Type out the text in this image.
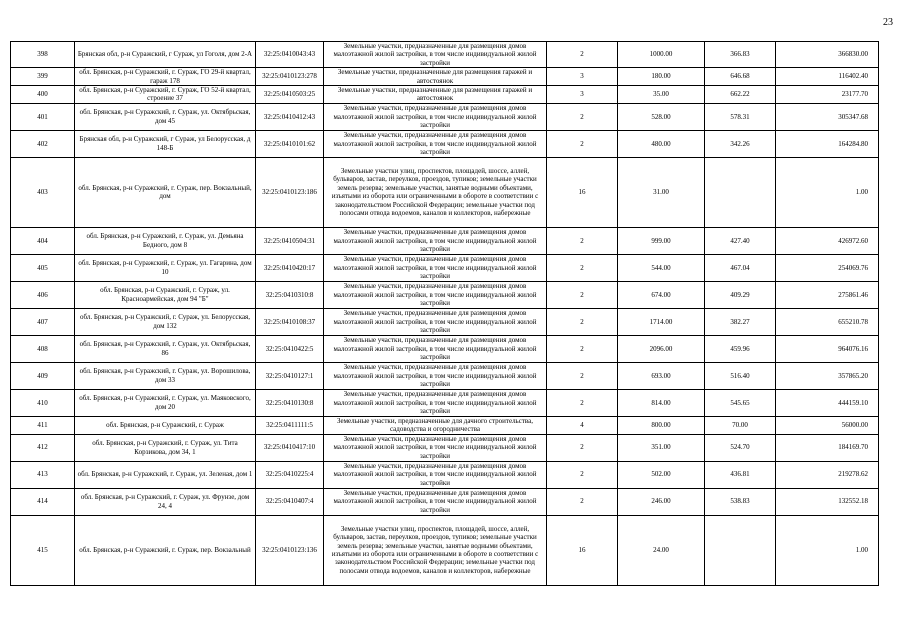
23
398	Брянская обл, р-н Суражский, г Сураж, ул Гоголя, дом 2-А	32:25:0410043:43	Земельные участки, предназначенные для размещения домов малоэтажной жилой застройки, в том числе индивидуальной жилой застройки	2	1000.00	366.83	366830.00
399	обл. Брянская, р-н Суражский, г. Сураж, ГО 29-й квартал, гараж 178	32:25:0410123:278	Земельные участки, предназначенные для размещения гаражей и автостоянок	3	180.00	646.68	116402.40
400	обл. Брянская, р-н Суражский, г. Сураж, ГО 52-й квартал, строение 37	32:25:0410503:25	Земельные участки, предназначенные для размещения гаражей и автостоянок	3	35.00	662.22	23177.70
401	обл. Брянская, р-н Суражский, г. Сураж, ул. Октябрьская, дом 45	32:25:0410412:43	Земельные участки, предназначенные для размещения домов малоэтажной жилой застройки, в том числе индивидуальной жилой застройки	2	528.00	578.31	305347.68
402	Брянская обл, р-н Суражский, г Сураж, ул Белорусская, д 148-Б	32:25:0410101:62	Земельные участки, предназначенные для размещения домов малоэтажной жилой застройки, в том числе индивидуальной жилой застройки	2	480.00	342.26	164284.80
403	обл. Брянская, р-н Суражский, г. Сураж, пер. Вокзальный, дом	32:25:0410123:186	Земельные участки улиц, проспектов, площадей, шоссе, аллей, бульваров, застав, переулков, проездов, тупиков; земельные участки земель резерва; земельные участки, занятые водными объектами, изъятыми из оборота или ограниченными в обороте в соответствии с законодательством Российской Федерации; земельные участки под полосами отвода водоемов, каналов и коллекторов, набережные	16	31.00		1.00
404	обл. Брянская, р-н Суражский, г. Сураж, ул. Демьяна Бедного, дом 8	32:25:0410504:31	Земельные участки, предназначенные для размещения домов малоэтажной жилой застройки, в том числе индивидуальной жилой застройки	2	999.00	427.40	426972.60
405	обл. Брянская, р-н Суражский, г. Сураж, ул. Гагарина, дом 10	32:25:0410420:17	Земельные участки, предназначенные для размещения домов малоэтажной жилой застройки, в том числе индивидуальной жилой застройки	2	544.00	467.04	254069.76
406	обл. Брянская, р-н Суражский, г. Сураж, ул. Красноармейская, дом 94 "Б"	32:25:0410310:8	Земельные участки, предназначенные для размещения домов малоэтажной жилой застройки, в том числе индивидуальной жилой застройки	2	674.00	409.29	275861.46
407	обл. Брянская, р-н Суражский, г. Сураж, ул. Белорусская, дом 132	32:25:0410108:37	Земельные участки, предназначенные для размещения домов малоэтажной жилой застройки, в том числе индивидуальной жилой застройки	2	1714.00	382.27	655210.78
408	обл. Брянская, р-н Суражский, г. Сураж, ул. Октябрьская, 86	32:25:0410422:5	Земельные участки, предназначенные для размещения домов малоэтажной жилой застройки, в том числе индивидуальной жилой застройки	2	2096.00	459.96	964076.16
409	обл. Брянская, р-н Суражский, г. Сураж, ул. Ворошилова, дом 33	32:25:0410127:1	Земельные участки, предназначенные для размещения домов малоэтажной жилой застройки, в том числе индивидуальной жилой застройки	2	693.00	516.40	357865.20
410	обл. Брянская, р-н Суражский, г. Сураж, ул. Маяковского, дом 20	32:25:0410130:8	Земельные участки, предназначенные для размещения домов малоэтажной жилой застройки, в том числе индивидуальной жилой застройки	2	814.00	545.65	444159.10
411	обл. Брянская, р-н Суражский, г. Сураж	32:25:0411111:5	Земельные участки, предназначенные для дачного строительства, садоводства и огородничества	4	800.00	70.00	56000.00
412	обл. Брянская, р-н Суражский, г. Сураж, ул. Тита Корзикова, дом 34, 1	32:25:0410417:10	Земельные участки, предназначенные для размещения домов малоэтажной жилой застройки, в том числе индивидуальной жилой застройки	2	351.00	524.70	184169.70
413	обл. Брянская, р-н Суражский, г. Сураж, ул. Зеленая, дом 1	32:25:0410225:4	Земельные участки, предназначенные для размещения домов малоэтажной жилой застройки, в том числе индивидуальной жилой застройки	2	502.00	436.81	219278.62
414	обл. Брянская, р-н Суражский, г. Сураж, ул. Фрунзе, дом 24, 4	32:25:0410407:4	Земельные участки, предназначенные для размещения домов малоэтажной жилой застройки, в том числе индивидуальной жилой застройки	2	246.00	538.83	132552.18
415	обл. Брянская, р-н Суражский, г. Сураж, пер. Вокзальный	32:25:0410123:136	Земельные участки улиц, проспектов, площадей, шоссе, аллей, бульваров, застав, переулков, проездов, тупиков; земельные участки земель резерва; земельные участки, занятые водными объектами, изъятыми из оборота или ограниченными в обороте в соответствии с законодательством Российской Федерации; земельные участки под полосами отвода водоемов, каналов и коллекторов, набережные	16	24.00		1.00
